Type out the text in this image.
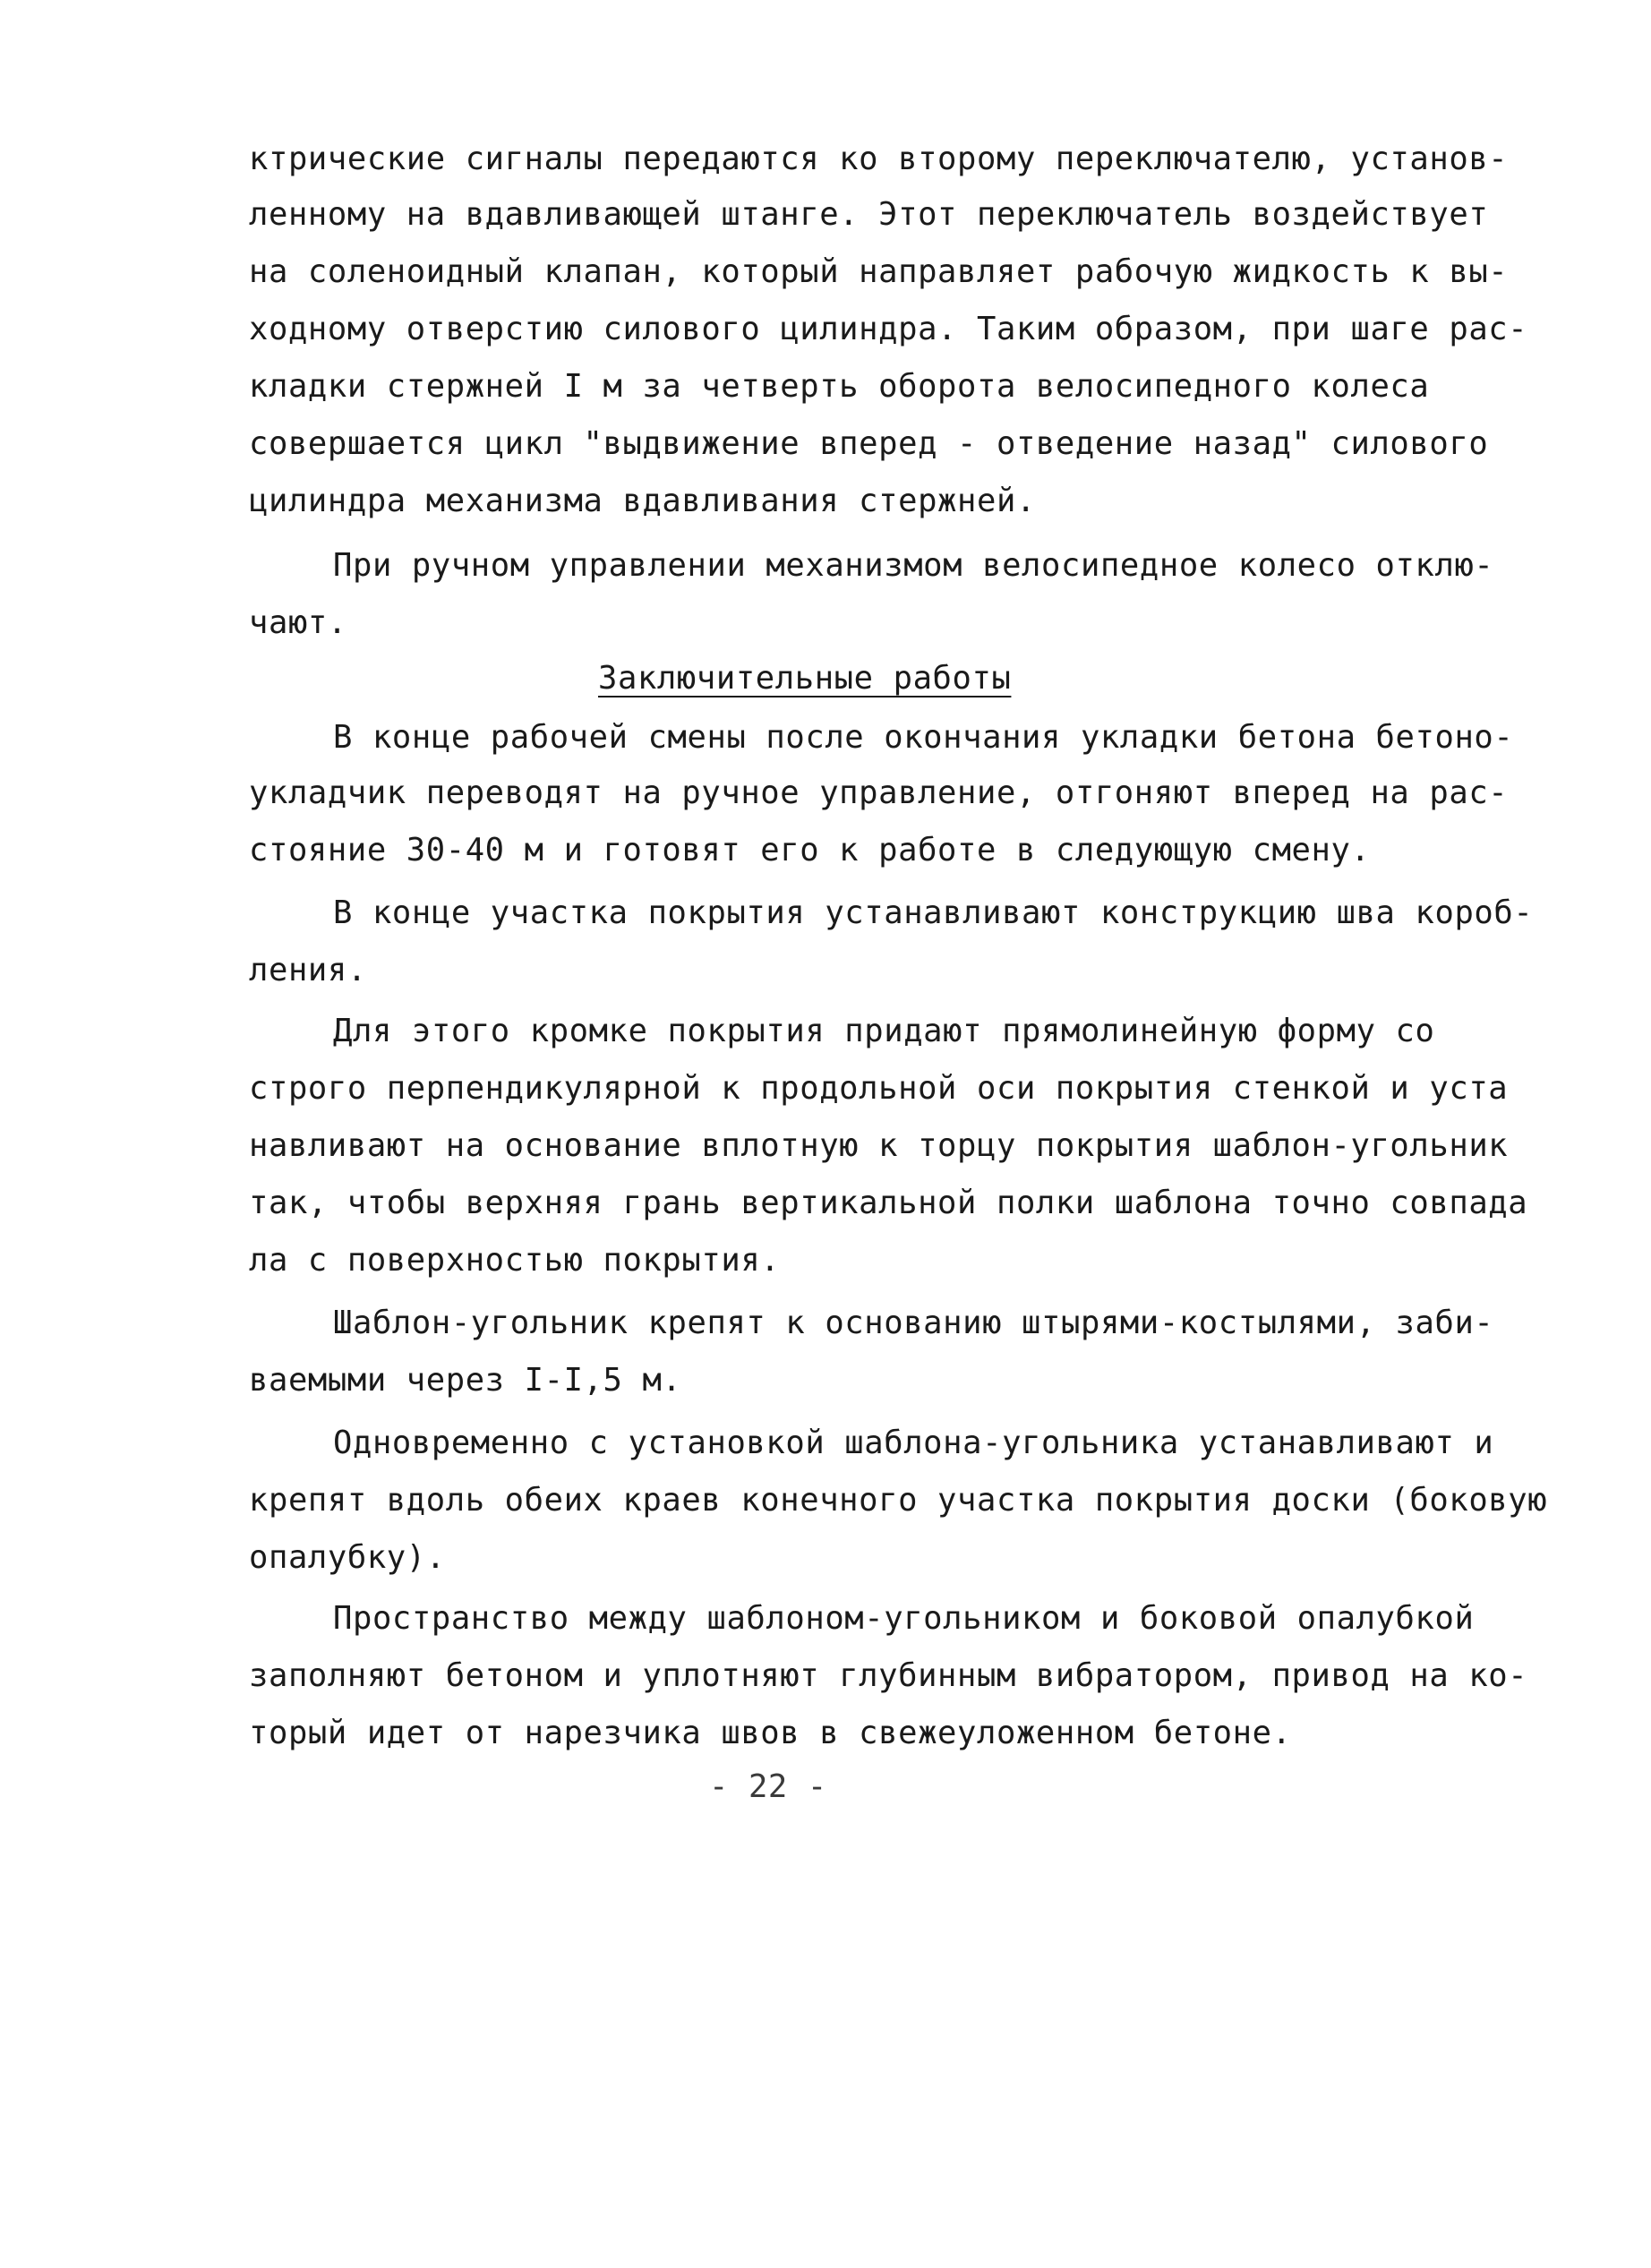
ктрические сигналы передаются ко второму переключателю, установ-

ленному на вдавливающей штанге. Этот переключатель воздействует

на соленоидный клапан, который направляет рабочую жидкость к вы-

ходному отверстию силового цилиндра. Таким образом, при шаге рас-

кладки стержней I м за четверть оборота велосипедного колеса

совершается цикл "выдвижение вперед - отведение назад" силового

цилиндра механизма вдавливания стержней.

При ручном управлении механизмом велосипедное колесо отклю-

чают.

Заключительные работы

В конце рабочей смены после окончания укладки бетона бетоно-

укладчик переводят на ручное управление, отгоняют вперед на рас-

стояние 30-40 м и готовят его к работе в следующую смену.

В конце участка покрытия устанавливают конструкцию шва короб-

ления.

Для этого кромке покрытия придают прямолинейную форму со

строго перпендикулярной к продольной оси покрытия стенкой и уста

навливают на основание вплотную к торцу покрытия шаблон-угольник

так, чтобы верхняя грань вертикальной полки шаблона точно совпада

ла с поверхностью покрытия.

Шаблон-угольник крепят к основанию штырями-костылями, заби-

ваемыми через I-I,5 м.

Одновременно с установкой шаблона-угольника устанавливают и

крепят вдоль обеих краев конечного участка покрытия доски (боковую

опалубку).

Пространство между шаблоном-угольником и боковой опалубкой

заполняют бетоном и уплотняют глубинным вибратором, привод на ко-

торый идет от нарезчика швов в свежеуложенном бетоне.

- 22 -
